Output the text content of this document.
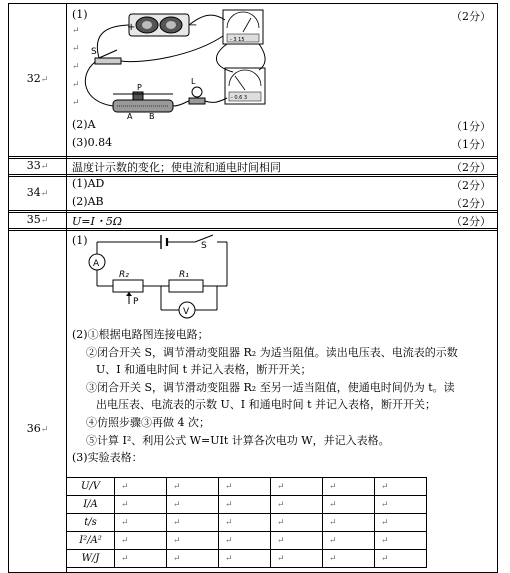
32↵
(1)	（2分）
↵
↵
↵
↵
↵
+	−
- 3 15
- 0.6 3
S
P
A B
L
(2)A	（1分）
(3)0.84	（1分）
33↵	温度计示数的变化；使电流和通电时间相同	（2分）
34↵
(1)AD	（2分）
(2)AB	（2分）
35↵	U=I・5Ω	（2分）
36↵
(1)
A
V
S
R₂	R₁
P
(2)①根据电路图连接电路；
②闭合开关 S，调节滑动变阻器 R₂ 为适当阻值。读出电压表、电流表的示数
U、I 和通电时间 t 并记入表格，断开开关；
③闭合开关 S，调节滑动变阻器 R₂ 至另一适当阻值，使通电时间仍为 t。读
出电压表、电流表的示数 U、I 和通电时间 t 并记入表格，断开开关；
④仿照步骤③再做 4 次；
⑤计算 I²、利用公式 W=UIt 计算各次电功 W，并记入表格。
(3)实验表格：
U/V	↵	↵	↵	↵	↵	↵
I/A	↵	↵	↵	↵	↵	↵
t/s	↵	↵	↵	↵	↵	↵
I²/A²	↵	↵	↵	↵	↵	↵
W/J	↵	↵	↵	↵	↵	↵
